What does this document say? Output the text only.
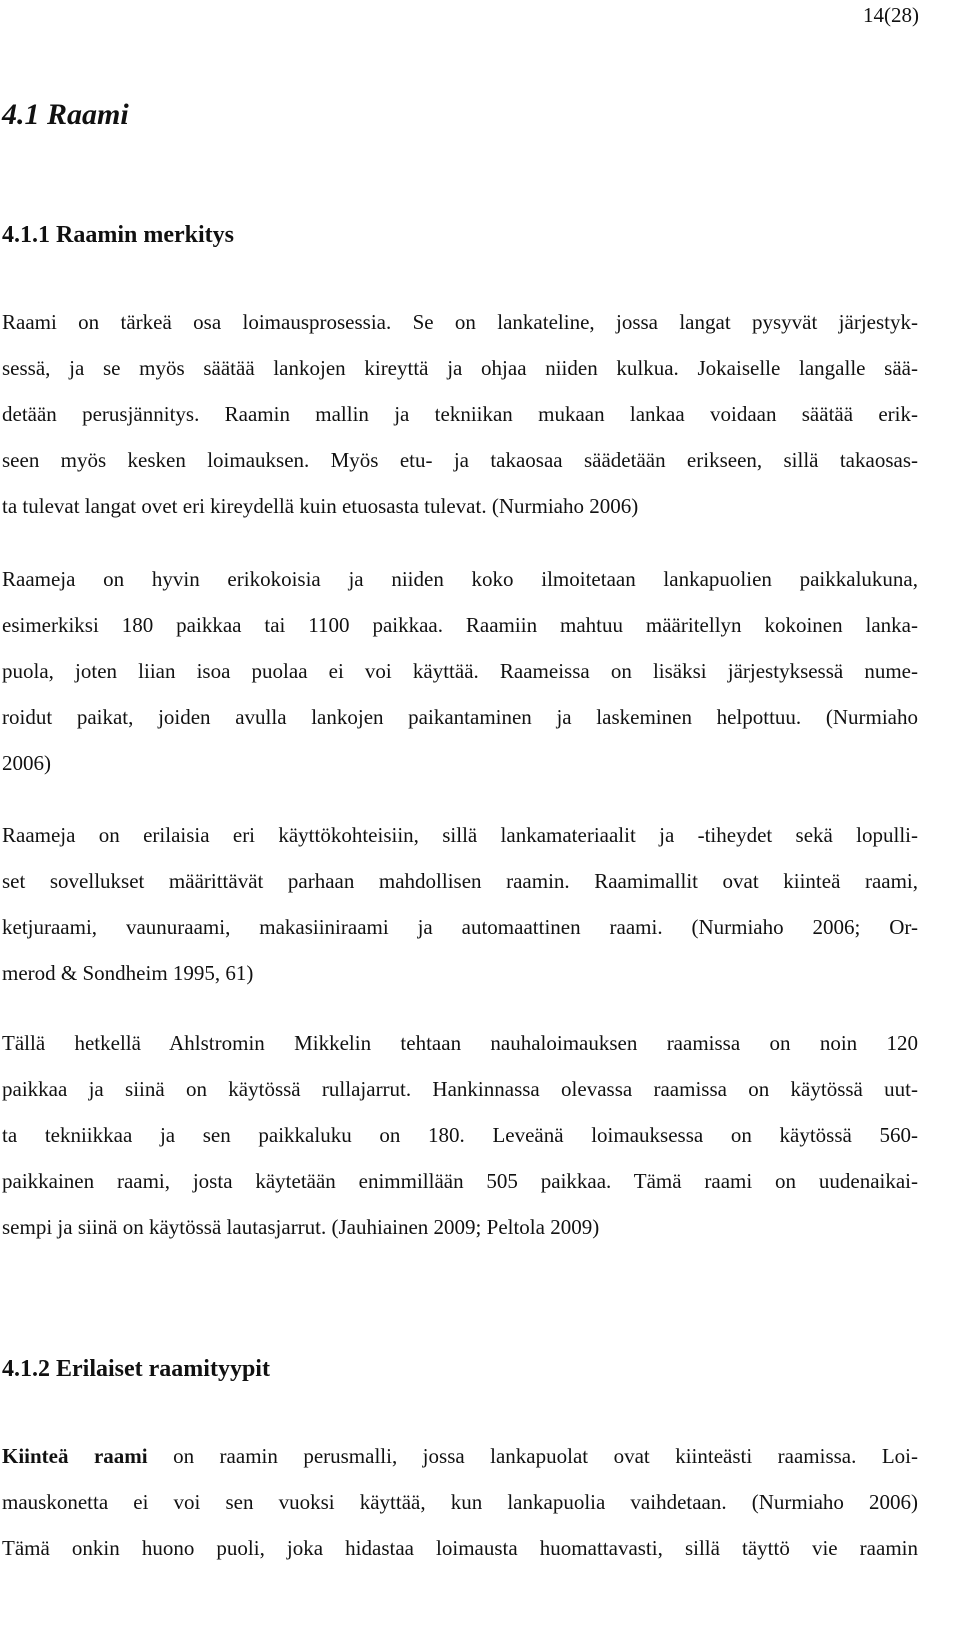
14(28)
4.1 Raami
4.1.1 Raamin merkitys

Raami on tärkeä osa loimausprosessia. Se on lankateline, jossa langat pysyvät järjestyk-
sessä, ja se myös säätää lankojen kireyttä ja ohjaa niiden kulkua. Jokaiselle langalle sää-
detään perusjännitys. Raamin mallin ja tekniikan mukaan lankaa voidaan säätää erik-
seen myös kesken loimauksen. Myös etu- ja takaosaa säädetään erikseen, sillä takaosas-
ta tulevat langat ovet eri kireydellä kuin etuosasta tulevat. (Nurmiaho 2006)

Raameja on hyvin erikokoisia ja niiden koko ilmoitetaan lankapuolien paikkalukuna,
esimerkiksi 180 paikkaa tai 1100 paikkaa. Raamiin mahtuu määritellyn kokoinen lanka-
puola, joten liian isoa puolaa ei voi käyttää. Raameissa on lisäksi järjestyksessä nume-
roidut paikat, joiden avulla lankojen paikantaminen ja laskeminen helpottuu. (Nurmiaho
2006)

Raameja on erilaisia eri käyttökohteisiin, sillä lankamateriaalit ja -tiheydet sekä lopulli-
set sovellukset määrittävät parhaan mahdollisen raamin. Raamimallit ovat kiinteä raami,
ketjuraami, vaunuraami, makasiiniraami ja automaattinen raami. (Nurmiaho 2006; Or-
merod & Sondheim 1995, 61)

Tällä hetkellä Ahlstromin Mikkelin tehtaan nauhaloimauksen raamissa on noin 120
paikkaa ja siinä on käytössä rullajarrut. Hankinnassa olevassa raamissa on käytössä uut-
ta tekniikkaa ja sen paikkaluku on 180. Leveänä loimauksessa on käytössä 560-
paikkainen raami, josta käytetään enimmillään 505 paikkaa. Tämä raami on uudenaikai-
sempi ja siinä on käytössä lautasjarrut. (Jauhiainen 2009; Peltola 2009)

4.1.2 Erilaiset raamityypit

Kiinteä raami on raamin perusmalli, jossa lankapuolat ovat kiinteästi raamissa. Loi-
mauskonetta ei voi sen vuoksi käyttää, kun lankapuolia vaihdetaan. (Nurmiaho 2006)
Tämä onkin huono puoli, joka hidastaa loimausta huomattavasti, sillä täyttö vie raamin
